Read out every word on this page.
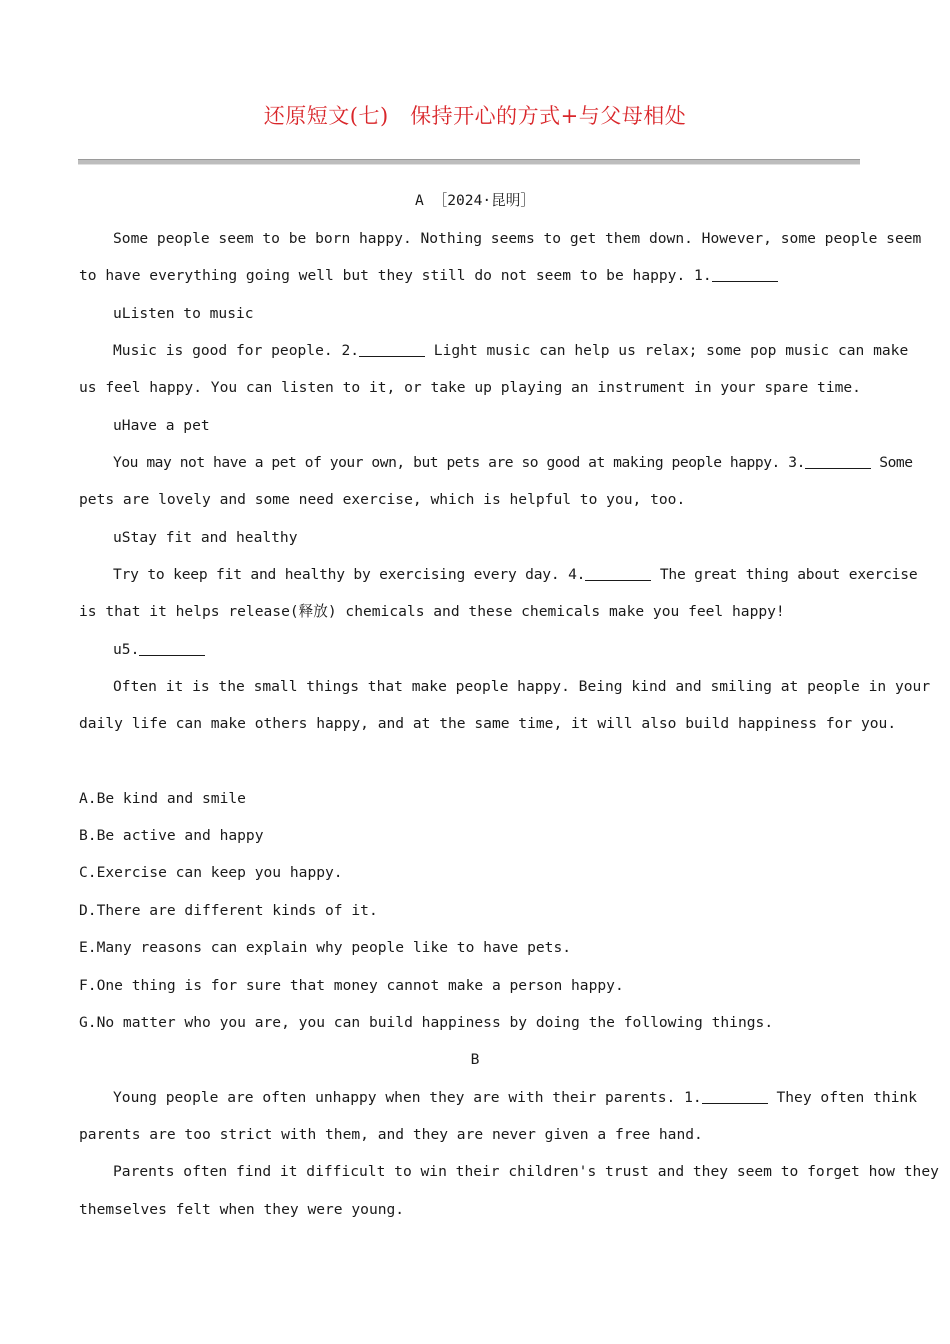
还原短文(七)　保持开心的方式+与父母相处
A ［2024·昆明］
Some people seem to be born happy. Nothing seems to get them down. However, some people seem
to have everything going well but they still do not seem to be happy. 1.
uListen to music
Music is good for people. 2.	Light music can help us relax; some pop music can make
us feel happy. You can listen to it, or take up playing an instrument in your spare time.
uHave a pet
You may not have a pet of your own, but pets are so good at making people happy. 3.	Some
pets are lovely and some need exercise, which is helpful to you, too.
uStay fit and healthy
Try to keep fit and healthy by exercising every day. 4.	The great thing about exercise
is that it helps release(释放) chemicals and these chemicals make you feel happy!
u5.
Often it is the small things that make people happy. Being kind and smiling at people in your
daily life can make others happy, and at the same time, it will also build happiness for you.
A.Be kind and smile
B.Be active and happy
C.Exercise can keep you happy.
D.There are different kinds of it.
E.Many reasons can explain why people like to have pets.
F.One thing is for sure that money cannot make a person happy.
G.No matter who you are, you can build happiness by doing the following things.
B
Young people are often unhappy when they are with their parents. 1.	They often think
parents are too strict with them, and they are never given a free hand.
Parents often find it difficult to win their children's trust and they seem to forget how they
themselves felt when they were young.
